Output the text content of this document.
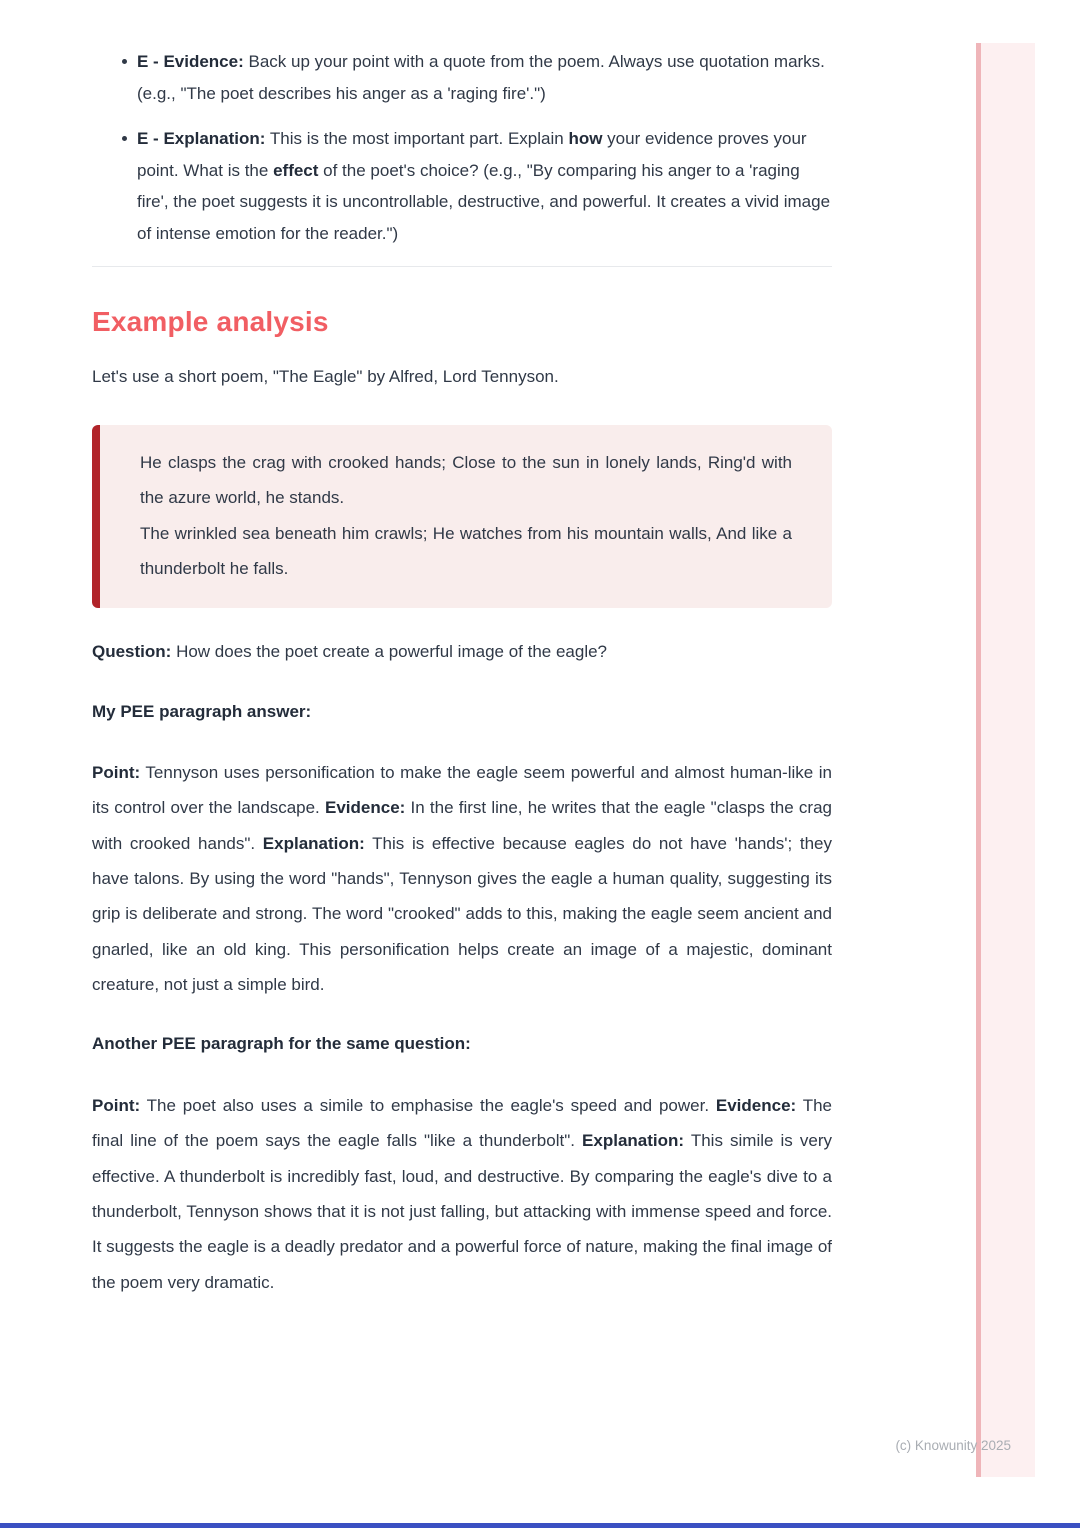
E - Evidence: Back up your point with a quote from the poem. Always use quotation marks. (e.g., "The poet describes his anger as a 'raging fire'.")
E - Explanation: This is the most important part. Explain how your evidence proves your point. What is the effect of the poet's choice? (e.g., "By comparing his anger to a 'raging fire', the poet suggests it is uncontrollable, destructive, and powerful. It creates a vivid image of intense emotion for the reader.")
Example analysis

Let's use a short poem, "The Eagle" by Alfred, Lord Tennyson.

He clasps the crag with crooked hands; Close to the sun in lonely lands, Ring'd with the azure world, he stands.

The wrinkled sea beneath him crawls; He watches from his mountain walls, And like a thunderbolt he falls.

Question: How does the poet create a powerful image of the eagle?

My PEE paragraph answer:

Point: Tennyson uses personification to make the eagle seem powerful and almost human-like in its control over the landscape. Evidence: In the first line, he writes that the eagle "clasps the crag with crooked hands". Explanation: This is effective because eagles do not have 'hands'; they have talons. By using the word "hands", Tennyson gives the eagle a human quality, suggesting its grip is deliberate and strong. The word "crooked" adds to this, making the eagle seem ancient and gnarled, like an old king. This personification helps create an image of a majestic, dominant creature, not just a simple bird.

Another PEE paragraph for the same question:

Point: The poet also uses a simile to emphasise the eagle's speed and power. Evidence: The final line of the poem says the eagle falls "like a thunderbolt". Explanation: This simile is very effective. A thunderbolt is incredibly fast, loud, and destructive. By comparing the eagle's dive to a thunderbolt, Tennyson shows that it is not just falling, but attacking with immense speed and force. It suggests the eagle is a deadly predator and a powerful force of nature, making the final image of the poem very dramatic.

(c) Knowunity 2025
